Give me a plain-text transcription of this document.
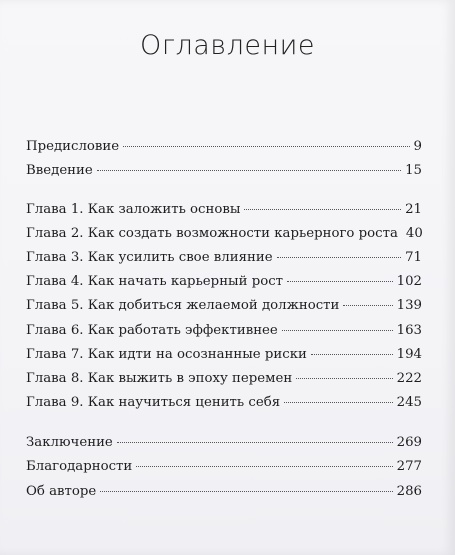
Оглавление
Предисловие	9
Введение	15
Глава 1. Как заложить основы	21
Глава 2. Как создать возможности карьерного роста 40
Глава 3. Как усилить свое влияние	71
Глава 4. Как начать карьерный рост	102
Глава 5. Как добиться желаемой должности	139
Глава 6. Как работать эффективнее	163
Глава 7. Как идти на осознанные риски	194
Глава 8. Как выжить в эпоху перемен	222
Глава 9. Как научиться ценить себя	245
Заключение	269
Благодарности	277
Об авторе	286
